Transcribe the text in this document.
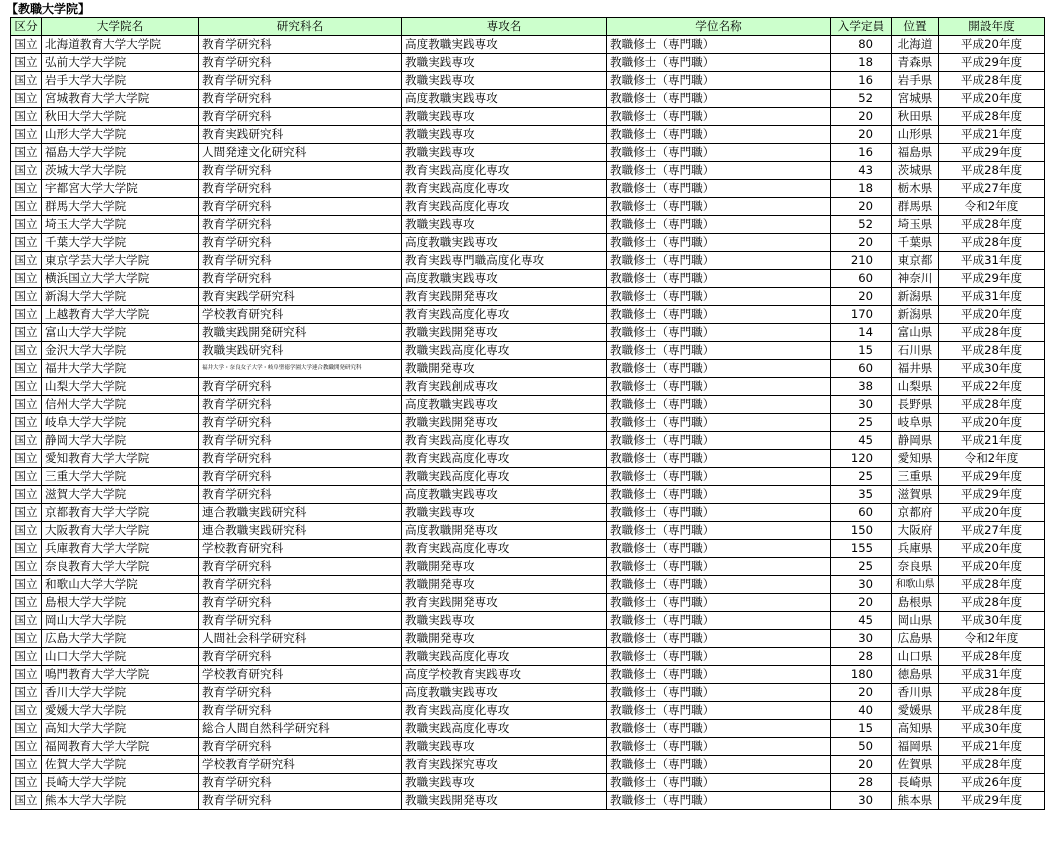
【教職大学院】
区分	大学院名	研究科名	専攻名	学位名称	入学定員	位置	開設年度
国立	北海道教育大学大学院	教育学研究科	高度教職実践専攻	教職修士（専門職）	80	北海道	平成20年度
国立	弘前大学大学院	教育学研究科	教職実践専攻	教職修士（専門職）	18	青森県	平成29年度
国立	岩手大学大学院	教育学研究科	教職実践専攻	教職修士（専門職）	16	岩手県	平成28年度
国立	宮城教育大学大学院	教育学研究科	高度教職実践専攻	教職修士（専門職）	52	宮城県	平成20年度
国立	秋田大学大学院	教育学研究科	教職実践専攻	教職修士（専門職）	20	秋田県	平成28年度
国立	山形大学大学院	教育実践研究科	教職実践専攻	教職修士（専門職）	20	山形県	平成21年度
国立	福島大学大学院	人間発達文化研究科	教職実践専攻	教職修士（専門職）	16	福島県	平成29年度
国立	茨城大学大学院	教育学研究科	教育実践高度化専攻	教職修士（専門職）	43	茨城県	平成28年度
国立	宇都宮大学大学院	教育学研究科	教育実践高度化専攻	教職修士（専門職）	18	栃木県	平成27年度
国立	群馬大学大学院	教育学研究科	教育実践高度化専攻	教職修士（専門職）	20	群馬県	令和2年度
国立	埼玉大学大学院	教育学研究科	教職実践専攻	教職修士（専門職）	52	埼玉県	平成28年度
国立	千葉大学大学院	教育学研究科	高度教職実践専攻	教職修士（専門職）	20	千葉県	平成28年度
国立	東京学芸大学大学院	教育学研究科	教育実践専門職高度化専攻	教職修士（専門職）	210	東京都	平成31年度
国立	横浜国立大学大学院	教育学研究科	高度教職実践専攻	教職修士（専門職）	60	神奈川	平成29年度
国立	新潟大学大学院	教育実践学研究科	教育実践開発専攻	教職修士（専門職）	20	新潟県	平成31年度
国立	上越教育大学大学院	学校教育研究科	教育実践高度化専攻	教職修士（専門職）	170	新潟県	平成20年度
国立	富山大学大学院	教職実践開発研究科	教職実践開発専攻	教職修士（専門職）	14	富山県	平成28年度
国立	金沢大学大学院	教職実践研究科	教職実践高度化専攻	教職修士（専門職）	15	石川県	平成28年度
国立	福井大学大学院	福井大学・奈良女子大学・岐阜聖徳学園大学連合教職開発研究科	教職開発専攻	教職修士（専門職）	60	福井県	平成30年度
国立	山梨大学大学院	教育学研究科	教育実践創成専攻	教職修士（専門職）	38	山梨県	平成22年度
国立	信州大学大学院	教育学研究科	高度教職実践専攻	教職修士（専門職）	30	長野県	平成28年度
国立	岐阜大学大学院	教育学研究科	教職実践開発専攻	教職修士（専門職）	25	岐阜県	平成20年度
国立	静岡大学大学院	教育学研究科	教育実践高度化専攻	教職修士（専門職）	45	静岡県	平成21年度
国立	愛知教育大学大学院	教育学研究科	教育実践高度化専攻	教職修士（専門職）	120	愛知県	令和2年度
国立	三重大学大学院	教育学研究科	教職実践高度化専攻	教職修士（専門職）	25	三重県	平成29年度
国立	滋賀大学大学院	教育学研究科	高度教職実践専攻	教職修士（専門職）	35	滋賀県	平成29年度
国立	京都教育大学大学院	連合教職実践研究科	教職実践専攻	教職修士（専門職）	60	京都府	平成20年度
国立	大阪教育大学大学院	連合教職実践研究科	高度教職開発専攻	教職修士（専門職）	150	大阪府	平成27年度
国立	兵庫教育大学大学院	学校教育研究科	教育実践高度化専攻	教職修士（専門職）	155	兵庫県	平成20年度
国立	奈良教育大学大学院	教育学研究科	教職開発専攻	教職修士（専門職）	25	奈良県	平成20年度
国立	和歌山大学大学院	教育学研究科	教職開発専攻	教職修士（専門職）	30	和歌山県	平成28年度
国立	島根大学大学院	教育学研究科	教育実践開発専攻	教職修士（専門職）	20	島根県	平成28年度
国立	岡山大学大学院	教育学研究科	教職実践専攻	教職修士（専門職）	45	岡山県	平成30年度
国立	広島大学大学院	人間社会科学研究科	教職開発専攻	教職修士（専門職）	30	広島県	令和2年度
国立	山口大学大学院	教育学研究科	教職実践高度化専攻	教職修士（専門職）	28	山口県	平成28年度
国立	鳴門教育大学大学院	学校教育研究科	高度学校教育実践専攻	教職修士（専門職）	180	徳島県	平成31年度
国立	香川大学大学院	教育学研究科	高度教職実践専攻	教職修士（専門職）	20	香川県	平成28年度
国立	愛媛大学大学院	教育学研究科	教育実践高度化専攻	教職修士（専門職）	40	愛媛県	平成28年度
国立	高知大学大学院	総合人間自然科学研究科	教職実践高度化専攻	教職修士（専門職）	15	高知県	平成30年度
国立	福岡教育大学大学院	教育学研究科	教職実践専攻	教職修士（専門職）	50	福岡県	平成21年度
国立	佐賀大学大学院	学校教育学研究科	教育実践探究専攻	教職修士（専門職）	20	佐賀県	平成28年度
国立	長崎大学大学院	教育学研究科	教職実践専攻	教職修士（専門職）	28	長崎県	平成26年度
国立	熊本大学大学院	教育学研究科	教職実践開発専攻	教職修士（専門職）	30	熊本県	平成29年度
